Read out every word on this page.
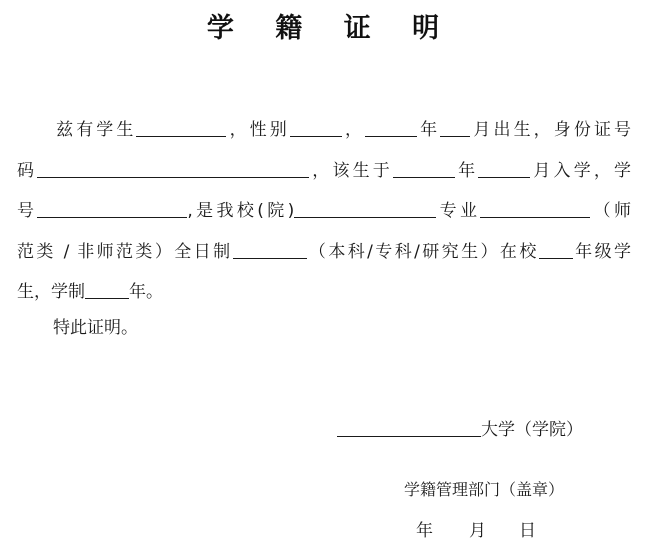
学 籍 证 明
兹有学生	，性别	，	年 月出生，身份证号
码	，该生于	年	月入学，学
号	,是我校(院)	专业	（师
范类 / 非师范类）全日制	（本科/专科/研究生）在校 年级学
生，学制	年。
特此证明。
大学（学院）
学籍管理部门（盖章）
年 月 日
